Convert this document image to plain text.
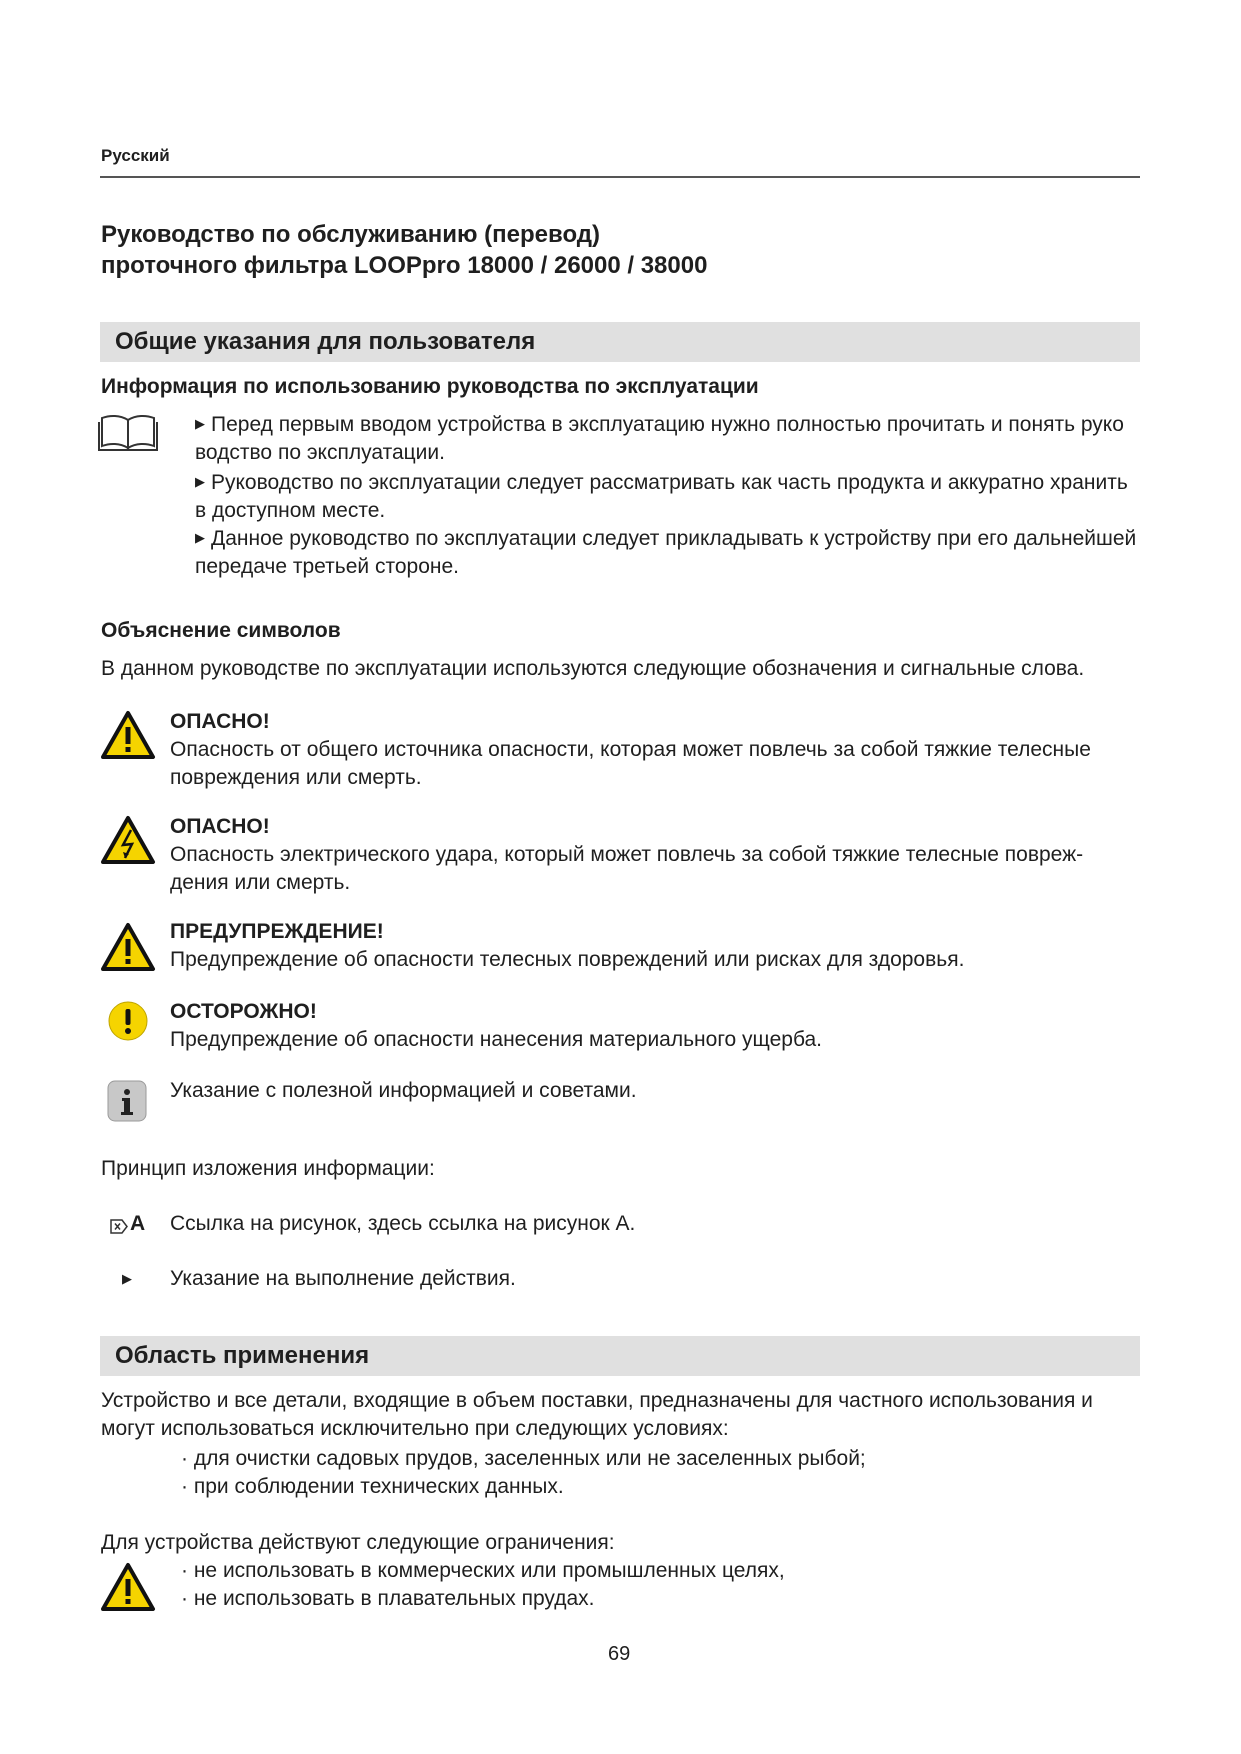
Русский
Руководство по обслуживанию (перевод)
проточного фильтра LOOPpro 18000 / 26000 / 38000
Общие указания для пользователя
Информация по использованию руководства по эксплуатации
▶ Перед первым вводом устройства в эксплуатацию нужно полностью прочитать и понять руко
водство по эксплуатации.
▶ Руководство по эксплуатации следует рассматривать как часть продукта и аккуратно хранить
в доступном месте.
▶ Данное руководство по эксплуатации следует прикладывать к устройству при его дальнейшей
передаче третьей стороне.
Объяснение символов
В данном руководстве по эксплуатации используются следующие обозначения и сигнальные слова.
ОПАСНО!
Опасность от общего источника опасности, которая может повлечь за собой тяжкие телесные
повреждения или смерть.
ОПАСНО!
Опасность электрического удара, который может повлечь за собой тяжкие телесные повреж-
дения или смерть.
ПРЕДУПРЕЖДЕНИЕ!
Предупреждение об опасности телесных повреждений или рисках для здоровья.
ОСТОРОЖНО!
Предупреждение об опасности нанесения материального ущерба.
Указание с полезной информацией и советами.
Принцип изложения информации:
A Ссылка на рисунок, здесь ссылка на рисунок А.
▶ Указание на выполнение действия.
Область применения
Устройство и все детали, входящие в объем поставки, предназначены для частного использования и
могут использоваться исключительно при следующих условиях:
· для очистки садовых прудов, заселенных или не заселенных рыбой;
· при соблюдении технических данных.
Для устройства действуют следующие ограничения:
· не использовать в коммерческих или промышленных целях,
· не использовать в плавательных прудах.
69
